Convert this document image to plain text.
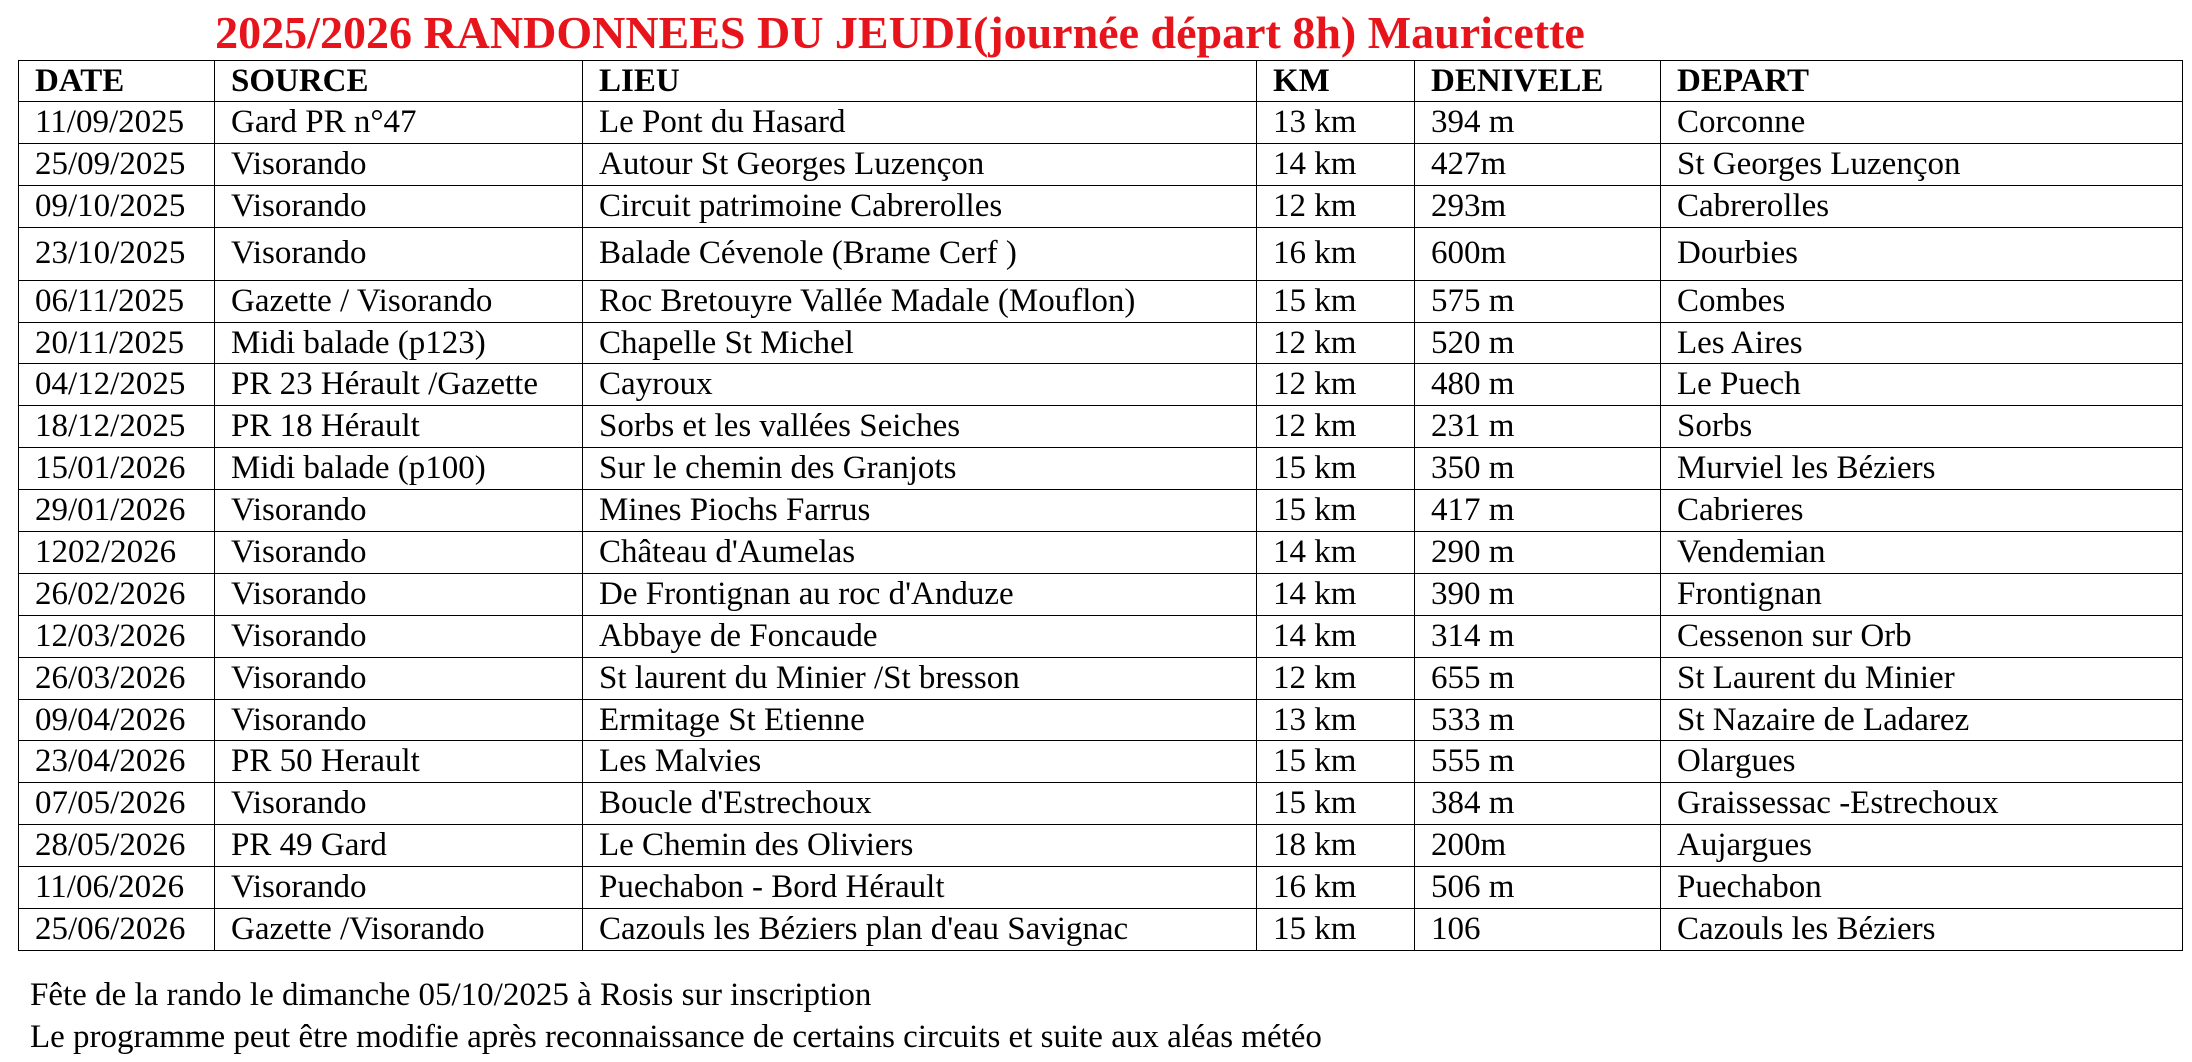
2025/2026 RANDONNEES DU JEUDI(journée départ 8h) Mauricette
DATE	SOURCE	LIEU	KM	DENIVELE	DEPART
11/09/2025	Gard PR n°47	Le Pont du Hasard	13 km	394 m	Corconne
25/09/2025	Visorando	Autour St Georges Luzençon	14 km	427m	St Georges Luzençon
09/10/2025	Visorando	Circuit patrimoine Cabrerolles	12 km	293m	Cabrerolles
23/10/2025	Visorando	Balade Cévenole (Brame Cerf )	16 km	600m	Dourbies
06/11/2025	Gazette / Visorando	Roc Bretouyre Vallée Madale (Mouflon)	15 km	575 m	Combes
20/11/2025	Midi balade (p123)	Chapelle St Michel	12 km	520 m	Les Aires
04/12/2025	PR 23 Hérault /Gazette	Cayroux	12 km	480 m	Le Puech
18/12/2025	PR 18 Hérault	Sorbs et les vallées Seiches	12 km	231 m	Sorbs
15/01/2026	Midi balade (p100)	Sur le chemin des Granjots	15 km	350 m	Murviel les Béziers
29/01/2026	Visorando	Mines Piochs Farrus	15 km	417 m	Cabrieres
1202/2026	Visorando	Château d'Aumelas	14 km	290 m	Vendemian
26/02/2026	Visorando	De Frontignan au roc d'Anduze	14 km	390 m	Frontignan
12/03/2026	Visorando	Abbaye de Foncaude	14 km	314 m	Cessenon sur Orb
26/03/2026	Visorando	St laurent du Minier /St bresson	12 km	655 m	St Laurent du Minier
09/04/2026	Visorando	Ermitage St Etienne	13 km	533 m	St Nazaire de Ladarez
23/04/2026	PR 50 Herault	Les Malvies	15 km	555 m	Olargues
07/05/2026	Visorando	Boucle d'Estrechoux	15 km	384 m	Graissessac -Estrechoux
28/05/2026	PR 49 Gard	Le Chemin des Oliviers	18 km	200m	Aujargues
11/06/2026	Visorando	Puechabon - Bord Hérault	16 km	506 m	Puechabon
25/06/2026	Gazette /Visorando	Cazouls les Béziers plan d'eau Savignac	15 km	106	Cazouls les Béziers
Fête de la rando le dimanche 05/10/2025 à Rosis sur inscription
Le programme peut être modifie après reconnaissance de certains circuits et suite aux aléas météo
